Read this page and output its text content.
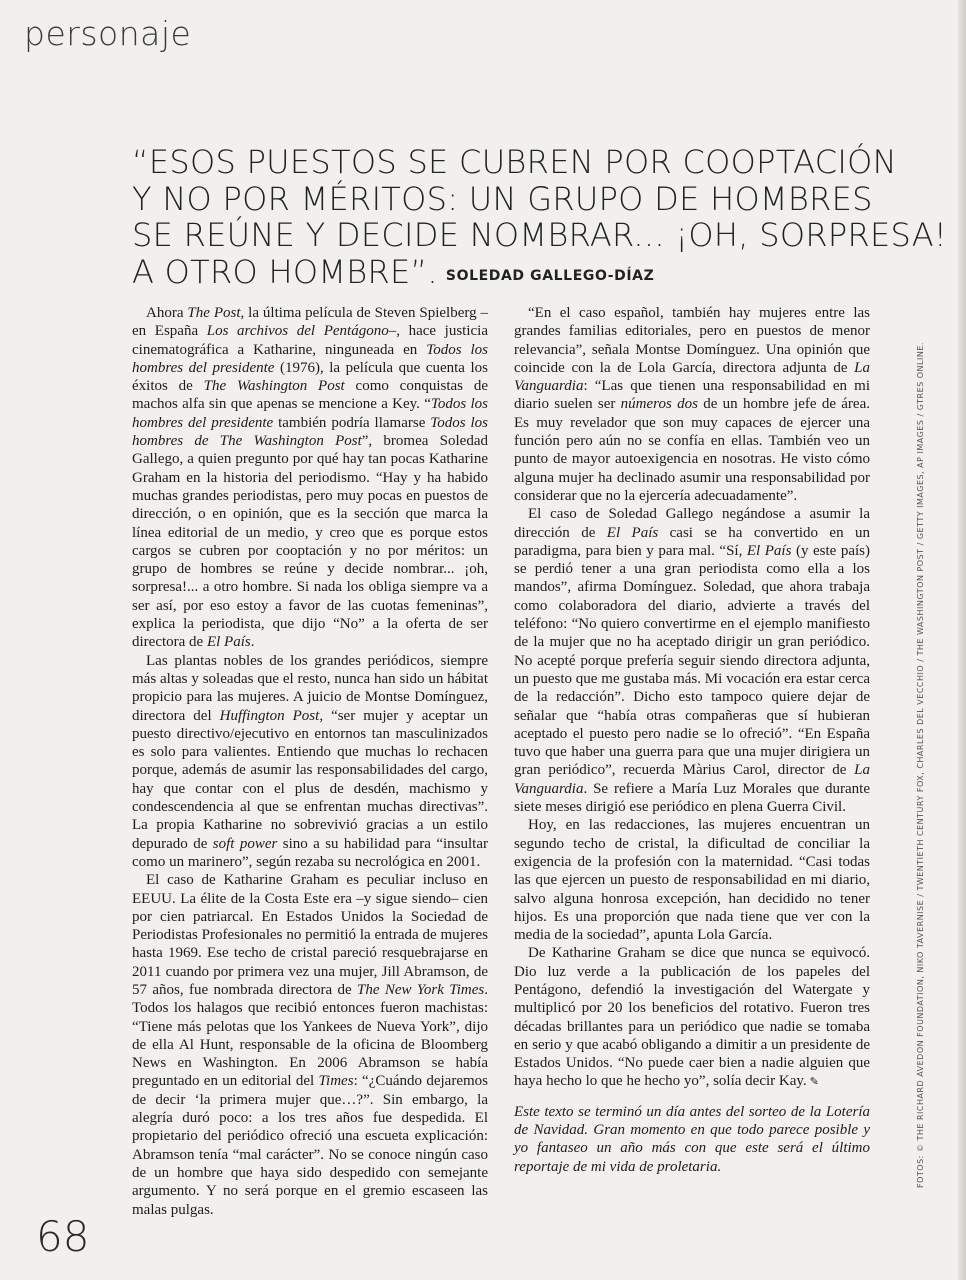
personaje
“ESOS PUESTOS SE CUBREN POR COOPTACIÓN
Y NO POR MÉRITOS: UN GRUPO DE HOMBRES
SE REÚNE Y DECIDE NOMBRAR... ¡OH, SORPRESA!
A OTRO HOMBRE”. SOLEDAD GALLEGO-DÍAZ

Ahora The Post, la última película de Steven Spielberg –en España Los archivos del Pentágono–, hace justicia cinematográfica a Katharine, ninguneada en Todos los hombres del presidente (1976), la película que cuenta los éxitos de The Washington Post como conquistas de machos alfa sin que apenas se mencione a Key. “Todos los hombres del presidente también podría llamarse Todos los hombres de The Washington Post”, bromea Soledad Gallego, a quien pregunto por qué hay tan pocas Katharine Graham en la historia del periodismo. “Hay y ha habido muchas grandes periodistas, pero muy pocas en puestos de dirección, o en opinión, que es la sección que marca la línea editorial de un medio, y creo que es porque estos cargos se cubren por cooptación y no por méritos: un grupo de hombres se reúne y decide nombrar... ¡oh, sorpresa!... a otro hombre. Si nada los obliga siempre va a ser así, por eso estoy a favor de las cuotas femeninas”, explica la periodista, que dijo “No” a la oferta de ser directora de El País.

Las plantas nobles de los grandes periódicos, siempre más altas y soleadas que el resto, nunca han sido un hábitat propicio para las mujeres. A juicio de Montse Domínguez, directora del Huffington Post, “ser mujer y aceptar un puesto directivo/ejecutivo en entornos tan masculinizados es solo para valientes. Entiendo que muchas lo rechacen porque, además de asumir las responsabilidades del cargo, hay que contar con el plus de desdén, machismo y condescendencia al que se enfrentan muchas directivas”. La propia Katharine no sobrevivió gracias a un estilo depurado de soft power sino a su habilidad para “insultar como un marinero”, según rezaba su necrológica en 2001.

El caso de Katharine Graham es peculiar incluso en EEUU. La élite de la Costa Este era –y sigue siendo– cien por cien patriarcal. En Estados Unidos la Sociedad de Periodistas Profesionales no permitió la entrada de mujeres hasta 1969. Ese techo de cristal pareció resquebrajarse en 2011 cuando por primera vez una mujer, Jill Abramson, de 57 años, fue nombrada directora de The New York Times. Todos los halagos que recibió entonces fueron machistas: “Tiene más pelotas que los Yankees de Nueva York”, dijo de ella Al Hunt, responsable de la oficina de Bloomberg News en Washington. En 2006 Abramson se había preguntado en un editorial del Times: “¿Cuándo dejaremos de decir ‘la primera mujer que…?”. Sin embargo, la alegría duró poco: a los tres años fue despedida. El propietario del periódico ofreció una escueta explicación: Abramson tenía “mal carácter”. No se conoce ningún caso de un hombre que haya sido despedido con semejante argumento. Y no será porque en el gremio escaseen las malas pulgas.

“En el caso español, también hay mujeres entre las grandes familias editoriales, pero en puestos de menor relevancia”, señala Montse Domínguez. Una opinión que coincide con la de Lola García, directora adjunta de La Vanguardia: “Las que tienen una responsabilidad en mi diario suelen ser números dos de un hombre jefe de área. Es muy revelador que son muy capaces de ejercer una función pero aún no se confía en ellas. También veo un punto de mayor autoexigencia en nosotras. He visto cómo alguna mujer ha declinado asumir una responsabilidad por considerar que no la ejercería adecuadamente”.

El caso de Soledad Gallego negándose a asumir la dirección de El País casi se ha convertido en un paradigma, para bien y para mal. “Sí, El País (y este país) se perdió tener a una gran periodista como ella a los mandos”, afirma Domínguez. Soledad, que ahora trabaja como colaboradora del diario, advierte a través del teléfono: “No quiero convertirme en el ejemplo manifiesto de la mujer que no ha aceptado dirigir un gran periódico. No acepté porque prefería seguir siendo directora adjunta, un puesto que me gustaba más. Mi vocación era estar cerca de la redacción”. Dicho esto tampoco quiere dejar de señalar que “había otras compañeras que sí hubieran aceptado el puesto pero nadie se lo ofreció”. “En España tuvo que haber una guerra para que una mujer dirigiera un gran periódico”, recuerda Màrius Carol, director de La Vanguardia. Se refiere a María Luz Morales que durante siete meses dirigió ese periódico en plena Guerra Civil.

Hoy, en las redacciones, las mujeres encuentran un segundo techo de cristal, la dificultad de conciliar la exigencia de la profesión con la maternidad. “Casi todas las que ejercen un puesto de responsabilidad en mi diario, salvo alguna honrosa excepción, han decidido no tener hijos. Es una proporción que nada tiene que ver con la media de la sociedad”, apunta Lola García.

De Katharine Graham se dice que nunca se equivocó. Dio luz verde a la publicación de los papeles del Pentágono, defendió la investigación del Watergate y multiplicó por 20 los beneficios del rotativo. Fueron tres décadas brillantes para un periódico que nadie se tomaba en serio y que acabó obligando a dimitir a un presidente de Estados Unidos. “No puede caer bien a nadie alguien que haya hecho lo que he hecho yo”, solía decir Kay. ✎

Este texto se terminó un día antes del sorteo de la Lotería de Navidad. Gran momento en que todo parece posible y yo fantaseo un año más con que este será el último reportaje de mi vida de proletaria.	FOTOS: © THE RICHARD AVEDON FOUNDATION, NIKO TAVERNISE / TWENTIETH CENTURY FOX, CHARLES DEL VECCHIO / THE WASHINGTON POST / GETTY IMAGES, AP IMAGES / GTRES ONLINE.
68
